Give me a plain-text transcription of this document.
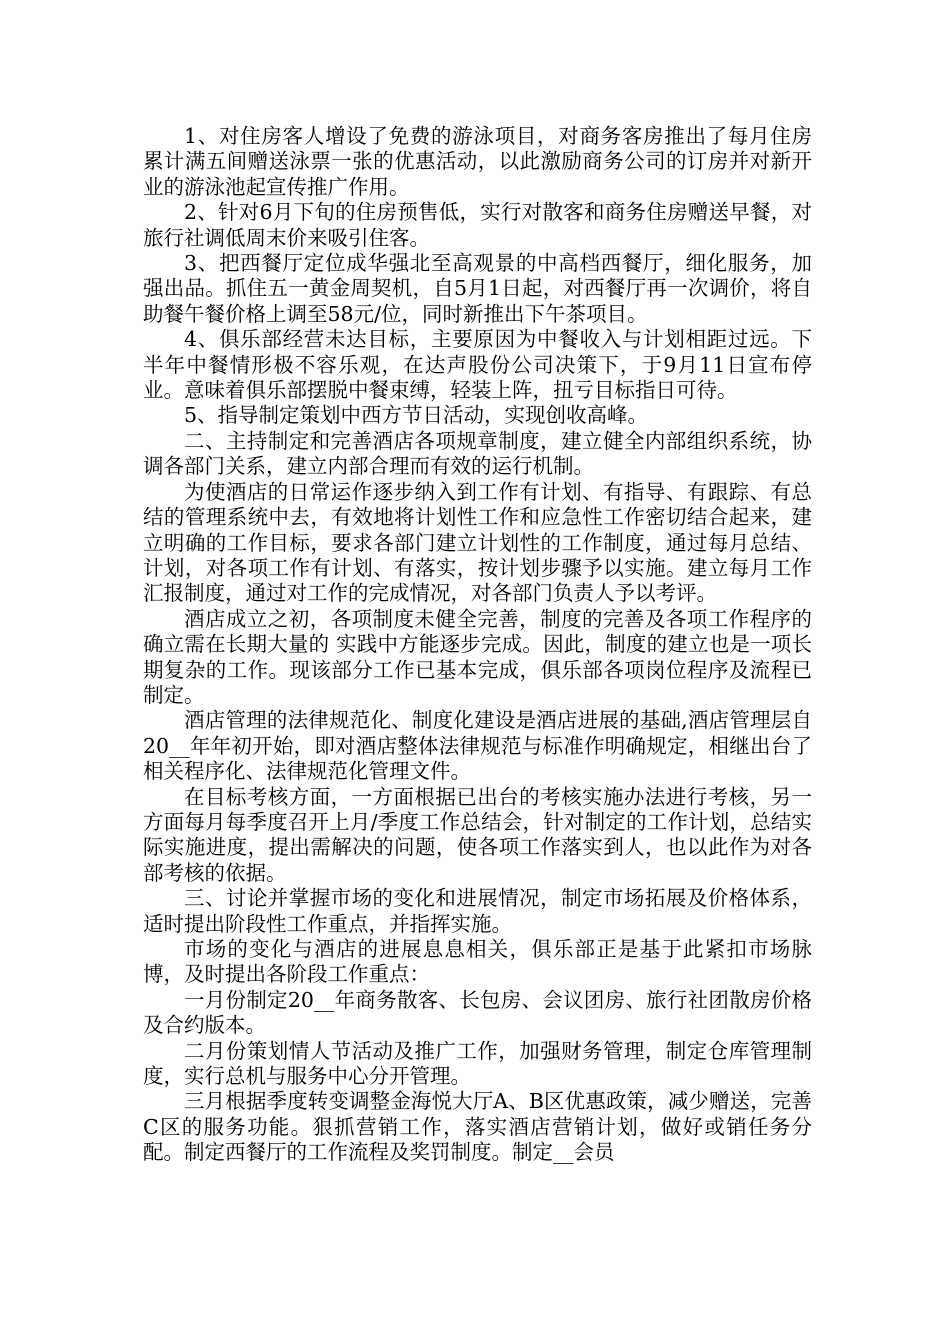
1、对住房客人增设了免费的游泳项目，对商务客房推出了每月住房累计满五间赠送泳票一张的优惠活动，以此激励商务公司的订房并对新开业的游泳池起宣传推广作用。

2、针对6月下旬的住房预售低，实行对散客和商务住房赠送早餐，对旅行社调低周末价来吸引住客。

3、把西餐厅定位成华强北至高观景的中高档西餐厅，细化服务，加强出品。抓住五一黄金周契机，自5月1日起，对西餐厅再一次调价，将自助餐午餐价格上调至58元/位，同时新推出下午茶项目。

4、俱乐部经营未达目标，主要原因为中餐收入与计划相距过远。下半年中餐情形极不容乐观，在达声股份公司决策下，于9月11日宣布停业。意味着俱乐部摆脱中餐束缚，轻装上阵，扭亏目标指日可待。

5、指导制定策划中西方节日活动，实现创收高峰。

二、主持制定和完善酒店各项规章制度，建立健全内部组织系统，协调各部门关系，建立内部合理而有效的运行机制。

为使酒店的日常运作逐步纳入到工作有计划、有指导、有跟踪、有总结的管理系统中去，有效地将计划性工作和应急性工作密切结合起来，建立明确的工作目标，要求各部门建立计划性的工作制度，通过每月总结、计划，对各项工作有计划、有落实，按计划步骤予以实施。建立每月工作汇报制度，通过对工作的完成情况，对各部门负责人予以考评。

酒店成立之初，各项制度未健全完善，制度的完善及各项工作程序的确立需在长期大量的 实践中方能逐步完成。因此，制度的建立也是一项长期复杂的工作。现该部分工作已基本完成，俱乐部各项岗位程序及流程已制定。

酒店管理的法律规范化、制度化建设是酒店进展的基础,酒店管理层自20__年年初开始，即对酒店整体法律规范与标准作明确规定，相继出台了相关程序化、法律规范化管理文件。

在目标考核方面，一方面根据已出台的考核实施办法进行考核，另一方面每月每季度召开上月/季度工作总结会，针对制定的工作计划，总结实际实施进度，提出需解决的问题，使各项工作落实到人，也以此作为对各部考核的依据。

三、讨论并掌握市场的变化和进展情况，制定市场拓展及价格体系，适时提出阶段性工作重点，并指挥实施。

市场的变化与酒店的进展息息相关，俱乐部正是基于此紧扣市场脉博，及时提出各阶段工作重点：

一月份制定20__年商务散客、长包房、会议团房、旅行社团散房价格及合约版本。

二月份策划情人节活动及推广工作，加强财务管理，制定仓库管理制度，实行总机与服务中心分开管理。

三月根据季度转变调整金海悦大厅A、B区优惠政策，减少赠送，完善C区的服务功能。狠抓营销工作，落实酒店营销计划，做好或销任务分配。制定西餐厅的工作流程及奖罚制度。制定__会员
